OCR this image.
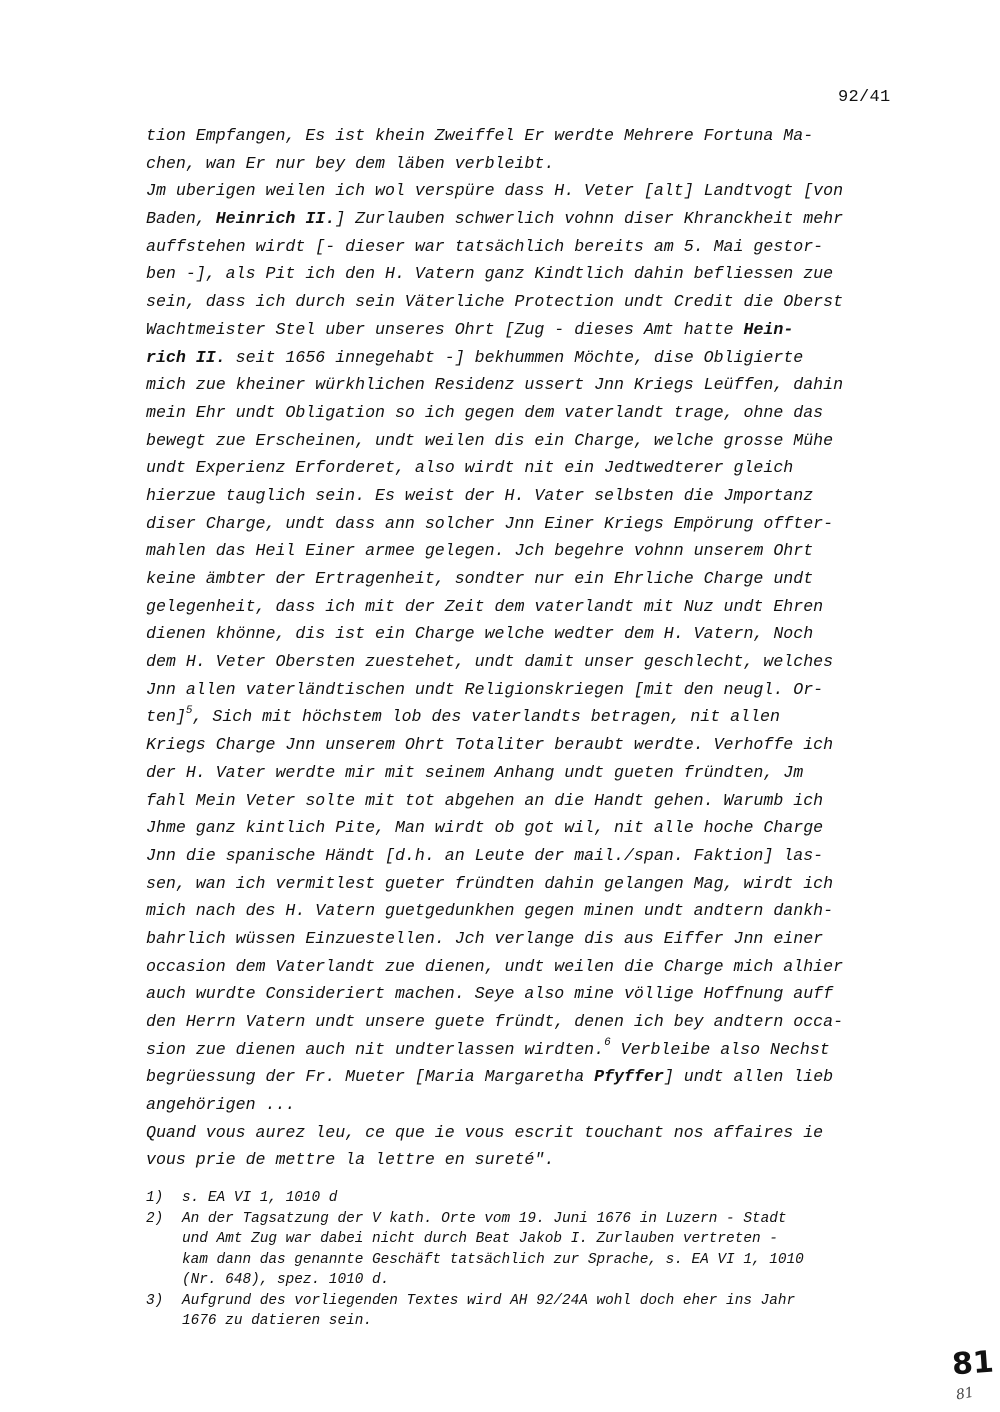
92/41
tion Empfangen, Es ist khein Zweiffel Er werdte Mehrere Fortuna Ma-
chen, wan Er nur bey dem läben verbleibt.
Jm uberigen weilen ich wol verspüre dass H. Veter [alt] Landtvogt [von
Baden, Heinrich II.] Zurlauben schwerlich vohnn diser Khranckheit mehr
auffstehen wirdt [- dieser war tatsächlich bereits am 5. Mai gestor-
ben -], als Pit ich den H. Vatern ganz Kindtlich dahin befliessen zue
sein, dass ich durch sein Väterliche Protection undt Credit die Oberst
Wachtmeister Stel uber unseres Ohrt [Zug - dieses Amt hatte Hein-
rich II. seit 1656 innegehabt -] bekhummen Möchte, dise Obligierte
mich zue kheiner würkhlichen Residenz ussert Jnn Kriegs Leüffen, dahin
mein Ehr undt Obligation so ich gegen dem vaterlandt trage, ohne das
bewegt zue Erscheinen, undt weilen dis ein Charge, welche grosse Mühe
undt Experienz Erforderet, also wirdt nit ein Jedtwedterer gleich
hierzue tauglich sein. Es weist der H. Vater selbsten die Jmportanz
diser Charge, undt dass ann solcher Jnn Einer Kriegs Empörung offter-
mahlen das Heil Einer armee gelegen. Jch begehre vohnn unserem Ohrt
keine ämbter der Ertragenheit, sondter nur ein Ehrliche Charge undt
gelegenheit, dass ich mit der Zeit dem vaterlandt mit Nuz undt Ehren
dienen khönne, dis ist ein Charge welche wedter dem H. Vatern, Noch
dem H. Veter Obersten zuestehet, undt damit unser geschlecht, welches
Jnn allen vaterländtischen undt Religionskriegen [mit den neugl. Or-
ten]$^5$, Sich mit höchstem lob des vaterlandts betragen, nit allen
Kriegs Charge Jnn unserem Ohrt Totaliter beraubt werdte. Verhoffe ich
der H. Vater werdte mir mit seinem Anhang undt gueten fründten, Jm
fahl Mein Veter solte mit tot abgehen an die Handt gehen. Warumb ich
Jhme ganz kintlich Pite, Man wirdt ob got wil, nit alle hoche Charge
Jnn die spanische Händt [d.h. an Leute der mail./span. Faktion] las-
sen, wan ich vermitlest gueter fründten dahin gelangen Mag, wirdt ich
mich nach des H. Vatern guetgedunkhen gegen minen undt andtern dankh-
bahrlich wüssen Einzuestellen. Jch verlange dis aus Eiffer Jnn einer
occasion dem Vaterlandt zue dienen, undt weilen die Charge mich alhier
auch wurdte Consideriert machen. Seye also mine völlige Hoffnung auff
den Herrn Vatern undt unsere guete fründt, denen ich bey andtern occa-
sion zue dienen auch nit undterlassen wirdten.$^6$ Verbleibe also Nechst
begrüessung der Fr. Mueter [Maria Margaretha Pfyffer] undt allen lieb
angehörigen ...
Quand vous aurez leu, ce que ie vous escrit touchant nos affaires ie
vous prie de mettre la lettre en sureté".
1)	s. EA VI 1, 1010 d
2)	An der Tagsatzung der V kath. Orte vom 19. Juni 1676 in Luzern - Stadt
und Amt Zug war dabei nicht durch Beat Jakob I. Zurlauben vertreten -
kam dann das genannte Geschäft tatsächlich zur Sprache, s. EA VI 1, 1010
(Nr. 648), spez. 1010 d.
3)	Aufgrund des vorliegenden Textes wird AH 92/24A wohl doch eher ins Jahr
1676 zu datieren sein.
81
81
